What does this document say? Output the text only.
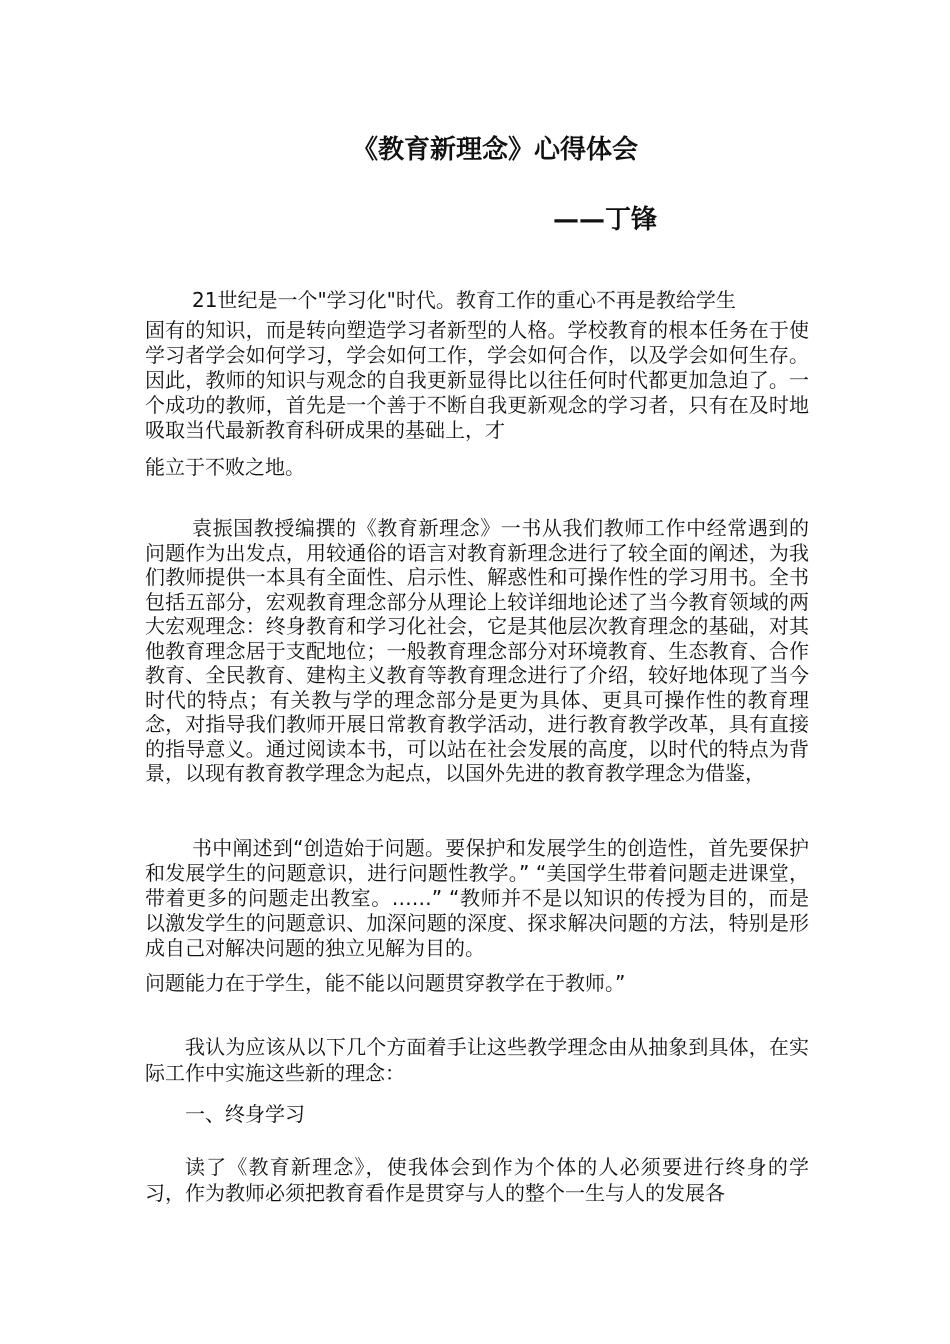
《教育新理念》心得体会
——丁锋

21世纪是一个"学习化"时代。教育工作的重心不再是教给学生
固有的知识，而是转向塑造学习者新型的人格。学校教育的根本任务在于使学习者学会如何学习，学会如何工作，学会如何合作，以及学会如何生存。因此，教师的知识与观念的自我更新显得比以往任何时代都更加急迫了。一个成功的教师，首先是一个善于不断自我更新观念的学习者，只有在及时地吸取当代最新教育科研成果的基础上，才
能立于不败之地。

袁振国教授编撰的《教育新理念》一书从我们教师工作中经常遇到的问题作为出发点，用较通俗的语言对教育新理念进行了较全面的阐述，为我们教师提供一本具有全面性、启示性、解惑性和可操作性的学习用书。全书包括五部分，宏观教育理念部分从理论上较详细地论述了当今教育领域的两大宏观理念：终身教育和学习化社会，它是其他层次教育理念的基础，对其他教育理念居于支配地位；一般教育理念部分对环境教育、生态教育、合作教育、全民教育、建构主义教育等教育理念进行了介绍，较好地体现了当今时代的特点；有关教与学的理念部分是更为具体、更具可操作性的教育理念，对指导我们教师开展日常教育教学活动，进行教育教学改革，具有直接的指导意义。通过阅读本书，可以站在社会发展的高度，以时代的特点为背景，以现有教育教学理念为起点，以国外先进的教育教学理念为借鉴，

书中阐述到“创造始于问题。要保护和发展学生的创造性，首先要保护和发展学生的问题意识，进行问题性教学。” “美国学生带着问题走进课堂，带着更多的问题走出教室。……” “教师并不是以知识的传授为目的，而是以激发学生的问题意识、加深问题的深度、探求解决问题的方法，特别是形成自己对解决问题的独立见解为目的。
问题能力在于学生，能不能以问题贯穿教学在于教师。”

我认为应该从以下几个方面着手让这些教学理念由从抽象到具体，在实际工作中实施这些新的理念：

一、终身学习

读了《教育新理念》，使我体会到作为个体的人必须要进行终身的学习，作为教师必须把教育看作是贯穿与人的整个一生与人的发展各
